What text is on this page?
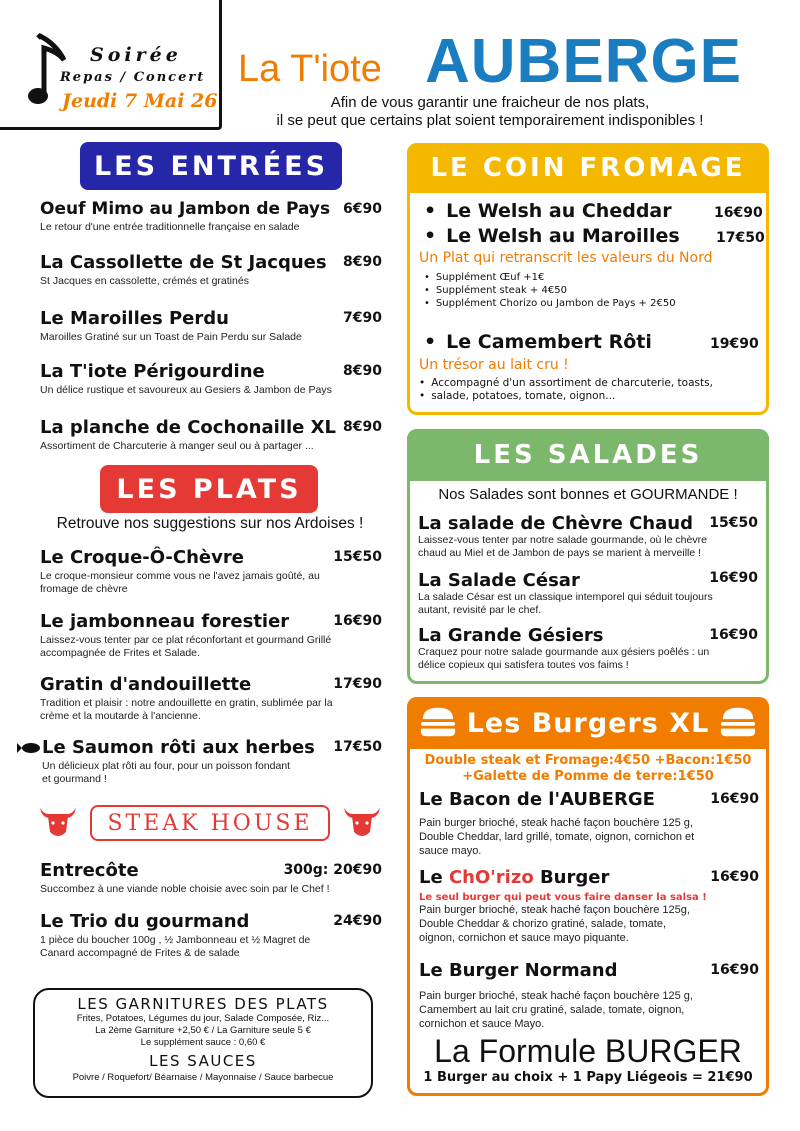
Soirée
Repas / Concert
Jeudi 7 Mai 26
La T'iote AUBERGE
Afin de vous garantir une fraicheur de nos plats,
il se peut que certains plat soient temporairement indisponibles !
LES ENTRÉES
Oeuf Mimo au Jambon de Pays 6€90
Le retour d'une entrée traditionnelle française en salade
La Cassollette de St Jacques	8€90
St Jacques en cassolette, crémés et gratinés
Le Maroilles Perdu	7€90
Maroilles Gratiné sur un Toast de Pain Perdu sur Salade
La T'iote Périgourdine	8€90
Un délice rustique et savoureux au Gesiers & Jambon de Pays
La planche de Cochonaille XL 8€90
Assortiment de Charcuterie à manger seul ou à partager ...
LES PLATS
Retrouve nos suggestions sur nos Ardoises !
Le Croque-Ô-Chèvre	15€50
Le croque-monsieur comme vous ne l'avez jamais goûté, au
fromage de chèvre
Le jambonneau forestier	16€90
Laissez-vous tenter par ce plat réconfortant et gourmand Grillé
accompagnée de Frites et Salade.
Gratin d'andouillette	17€90
Tradition et plaisir : notre andouillette en gratin, sublimée par la
crème et la moutarde à l'ancienne.
Le Saumon rôti aux herbes	17€50
Un délicieux plat rôti au four, pour un poisson fondant
et gourmand !
STEAK HOUSE
Entrecôte	300g: 20€90
Succombez à une viande noble choisie avec soin par le Chef !
Le Trio du gourmand	24€90
1 pièce du boucher 100g , ½ Jambonneau et ½ Magret de
Canard accompagné de Frites & de salade
LES GARNITURES DES PLATS
Frites, Potatoes, Légumes du jour, Salade Composée, Riz...
La 2ème Garniture +2,50 € / La Garniture seule 5 €
Le supplément sauce : 0,60 €
LES SAUCES
Poivre / Roquefort/ Béarnaise / Mayonnaise / Sauce barbecue
LE COIN FROMAGE
• Le Welsh au Cheddar	16€90
• Le Welsh au Maroilles	17€50
Un Plat qui retranscrit les valeurs du Nord
• Supplément Œuf +1€
• Supplément steak + 4€50
• Supplément Chorizo ou Jambon de Pays + 2€50
• Le Camembert Rôti	19€90
Un trésor au lait cru !
• Accompagné d'un assortiment de charcuterie, toasts,
• salade, potatoes, tomate, oignon...
LES SALADES
Nos Salades sont bonnes et GOURMANDE !
La salade de Chèvre Chaud	15€50
Laissez-vous tenter par notre salade gourmande, où le chèvre
chaud au Miel et de Jambon de pays se marient à merveille !
La Salade César	16€90
La salade César est un classique intemporel qui séduit toujours
autant, revisité par le chef.
La Grande Gésiers	16€90
Craquez pour notre salade gourmande aux gésiers poêlés : un
délice copieux qui satisfera toutes vos faims !
Les Burgers XL
Double steak et Fromage:4€50 +Bacon:1€50
+Galette de Pomme de terre:1€50
Le Bacon de l'AUBERGE	16€90
Pain burger brioché, steak haché façon bouchère 125 g,
Double Cheddar, lard grillé, tomate, oignon, cornichon et
sauce mayo.
Le ChO'rizo Burger	16€90
Le seul burger qui peut vous faire danser la salsa !
Pain burger brioché, steak haché façon bouchère 125g,
Double Cheddar & chorizo gratiné, salade, tomate,
oignon, cornichon et sauce mayo piquante.
Le Burger Normand	16€90
Pain burger brioché, steak haché façon bouchère 125 g,
Camembert au lait cru gratiné, salade, tomate, oignon,
cornichon et sauce Mayo.
La Formule BURGER
1 Burger au choix + 1 Papy Liégeois = 21€90
